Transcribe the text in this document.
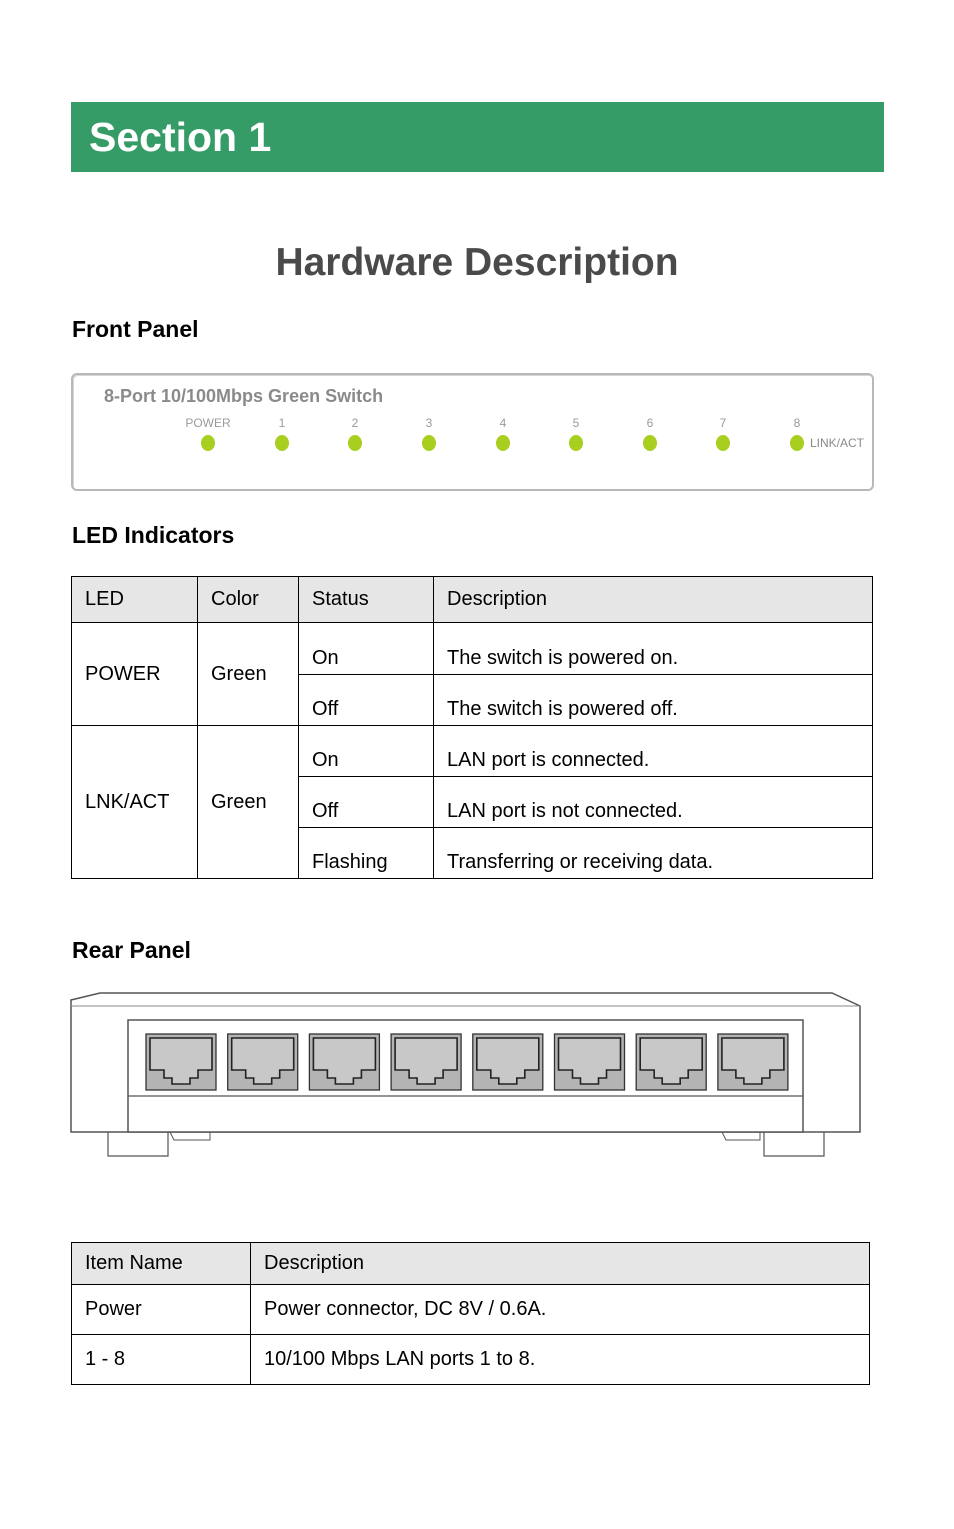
Section 1
Hardware Description
Front Panel
8-Port 10/100Mbps Green Switch
POWER	1	2	3	4	5	6	7	8
LINK/ACT
LED Indicators
LED	Color	Status	Description
POWER	Green	On	The switch is powered on.
		Off	The switch is powered off.
LNK/ACT	Green	On	LAN port is connected.
		Off	LAN port is not connected.
		Flashing	Transferring or receiving data.
Rear Panel
Item Name	Description
Power	Power connector, DC 8V / 0.6A.
1 - 8	10/100 Mbps LAN ports 1 to 8.
